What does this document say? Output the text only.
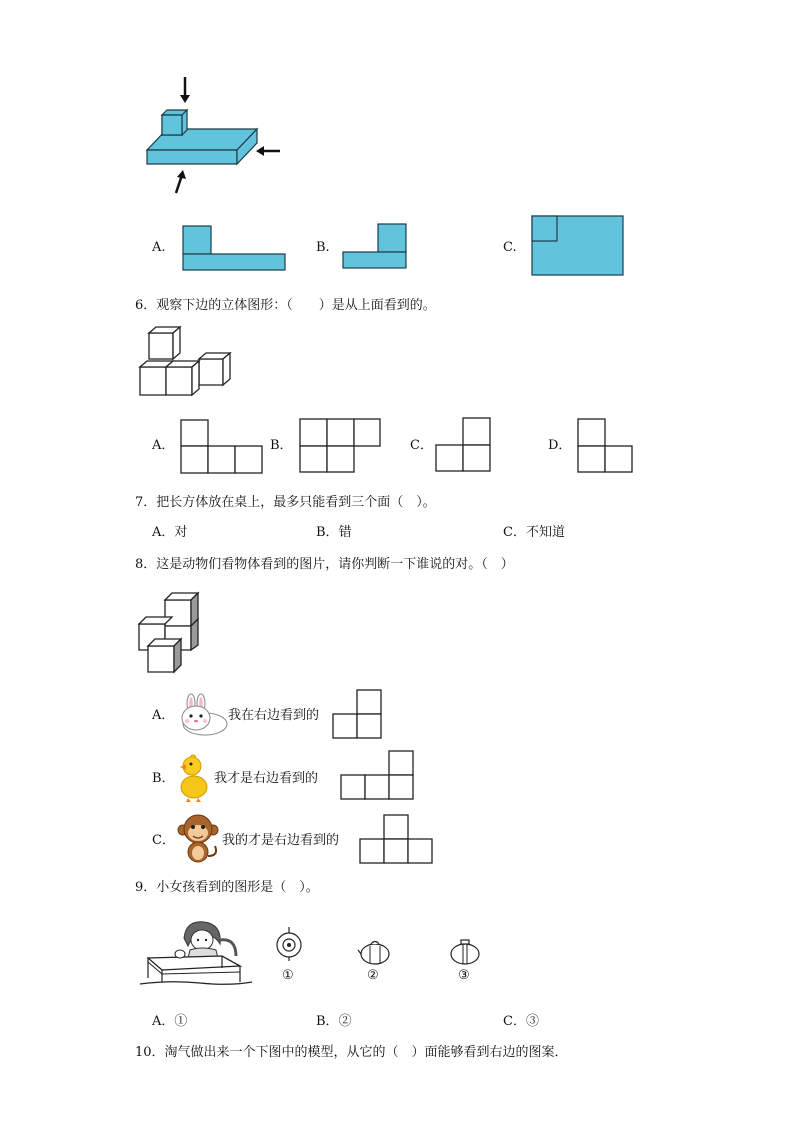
A.	B.	C.
6．观察下边的立体图形：（　　）是从上面看到的。
A．	B．	C．	D．
7．把长方体放在桌上，最多只能看到三个面（　）。
A．对	B．错	C．不知道
8．这是动物们看物体看到的图片，请你判断一下谁说的对。（　）
A．	我在右边看到的
B．	我才是右边看到的
C．	我的才是右边看到的
9．小女孩看到的图形是（　）。
①	②	③
A．①	B．②	C．③
10．淘气做出来一个下图中的模型，从它的（　）面能够看到右边的图案．
